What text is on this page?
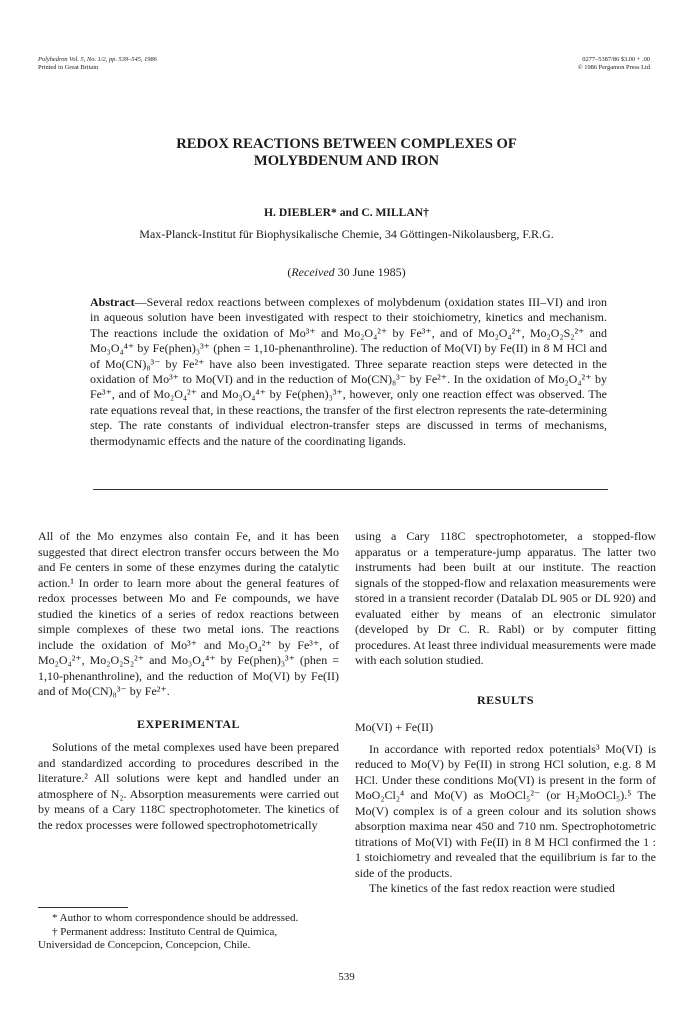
Polyhedron Vol. 5, No. 1/2, pp. 539–545, 1986
Printed in Great Britain
0277–5387/86 $3.00 + .00
© 1986 Pergamon Press Ltd
REDOX REACTIONS BETWEEN COMPLEXES OF
MOLYBDENUM AND IRON
H. DIEBLER* and C. MILLAN†
Max-Planck-Institut für Biophysikalische Chemie, 34 Göttingen-Nikolausberg, F.R.G.
(Received 30 June 1985)
Abstract—Several redox reactions between complexes of molybdenum (oxidation states III–VI) and iron in aqueous solution have been investigated with respect to their stoichiometry, kinetics and mechanism. The reactions include the oxidation of Mo³⁺ and Mo₂O₄²⁺ by Fe³⁺, and of Mo₂O₄²⁺, Mo₂O₂S₂²⁺ and Mo₃O₄⁴⁺ by Fe(phen)₃³⁺ (phen = 1,10-phenanthroline). The reduction of Mo(VI) by Fe(II) in 8 M HCl and of Mo(CN)₈³⁻ by Fe²⁺ have also been investigated. Three separate reaction steps were detected in the oxidation of Mo³⁺ to Mo(VI) and in the reduction of Mo(CN)₈³⁻ by Fe²⁺. In the oxidation of Mo₂O₄²⁺ by Fe³⁺, and of Mo₂O₄²⁺ and Mo₃O₄⁴⁺ by Fe(phen)₃³⁺, however, only one reaction effect was observed. The rate equations reveal that, in these reactions, the transfer of the first electron represents the rate-determining step. The rate constants of individual electron-transfer steps are discussed in terms of mechanisms, thermodynamic effects and the nature of the coordinating ligands.

All of the Mo enzymes also contain Fe, and it has been suggested that direct electron transfer occurs between the Mo and Fe centers in some of these enzymes during the catalytic action.¹ In order to learn more about the general features of redox processes between Mo and Fe compounds, we have studied the kinetics of a series of redox reactions between simple complexes of these two metal ions. The reactions include the oxidation of Mo³⁺ and Mo₂O₄²⁺ by Fe³⁺, of Mo₂O₄²⁺, Mo₂O₂S₂²⁺ and Mo₃O₄⁴⁺ by Fe(phen)₃³⁺ (phen = 1,10-phenanthroline), and the reduction of Mo(VI) by Fe(II) and of Mo(CN)₈³⁻ by Fe²⁺.

EXPERIMENTAL

Solutions of the metal complexes used have been prepared and standardized according to procedures described in the literature.² All solutions were kept and handled under an atmosphere of N₂. Absorption measurements were carried out by means of a Cary 118C spectrophotometer. The kinetics of the redox processes were followed spectrophotometrically

* Author to whom correspondence should be addressed.

† Permanent address: Instituto Central de Quimica,

Universidad de Concepcion, Concepcion, Chile.

using a Cary 118C spectrophotometer, a stopped-flow apparatus or a temperature-jump apparatus. The latter two instruments had been built at our institute. The reaction signals of the stopped-flow and relaxation measurements were stored in a transient recorder (Datalab DL 905 or DL 920) and evaluated either by means of an electronic simulator (developed by Dr C. R. Rabl) or by computer fitting procedures. At least three individual measurements were made with each solution studied.

RESULTS

Mo(VI) + Fe(II)

In accordance with reported redox potentials³ Mo(VI) is reduced to Mo(V) by Fe(II) in strong HCl solution, e.g. 8 M HCl. Under these conditions Mo(VI) is present in the form of MoO₂Cl₂⁴ and Mo(V) as MoOCl₅²⁻ (or H₂MoOCl₅).⁵ The Mo(V) complex is of a green colour and its solution shows absorption maxima near 450 and 710 nm. Spectrophotometric titrations of Mo(VI) with Fe(II) in 8 M HCl confirmed the 1 : 1 stoichiometry and revealed that the equilibrium is far to the side of the products.

The kinetics of the fast redox reaction were studied

539
